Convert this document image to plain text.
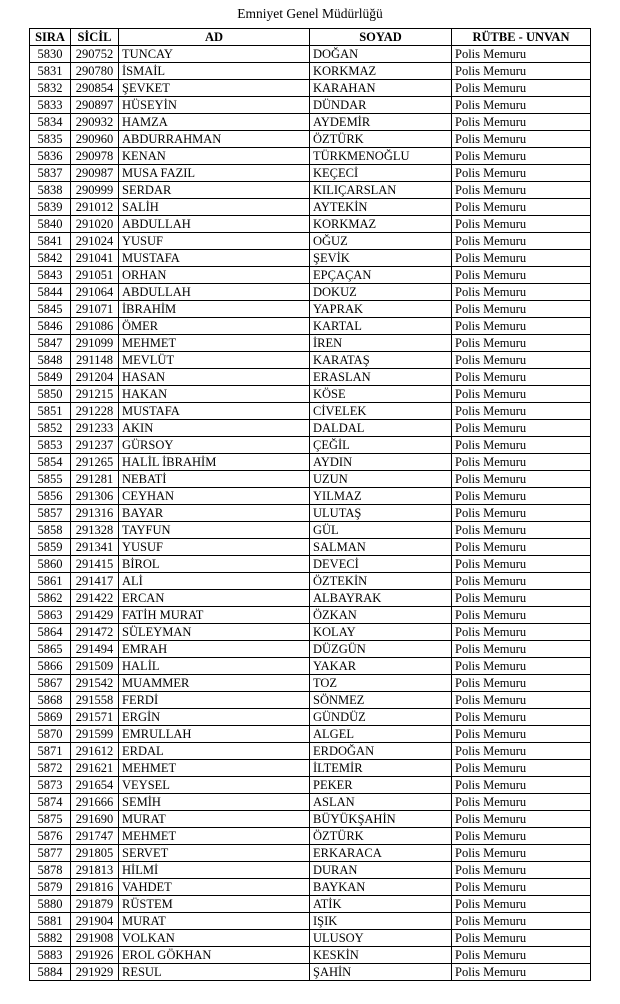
Emniyet Genel Müdürlüğü
SIRA	SİCİL	AD	SOYAD	RÜTBE - UNVAN
5830	290752	TUNCAY	DOĞAN	Polis Memuru
5831	290780	İSMAİL	KORKMAZ	Polis Memuru
5832	290854	ŞEVKET	KARAHAN	Polis Memuru
5833	290897	HÜSEYİN	DÜNDAR	Polis Memuru
5834	290932	HAMZA	AYDEMİR	Polis Memuru
5835	290960	ABDURRAHMAN	ÖZTÜRK	Polis Memuru
5836	290978	KENAN	TÜRKMENOĞLU	Polis Memuru
5837	290987	MUSA FAZIL	KEÇECİ	Polis Memuru
5838	290999	SERDAR	KILIÇARSLAN	Polis Memuru
5839	291012	SALİH	AYTEKİN	Polis Memuru
5840	291020	ABDULLAH	KORKMAZ	Polis Memuru
5841	291024	YUSUF	OĞUZ	Polis Memuru
5842	291041	MUSTAFA	ŞEVİK	Polis Memuru
5843	291051	ORHAN	EPÇAÇAN	Polis Memuru
5844	291064	ABDULLAH	DOKUZ	Polis Memuru
5845	291071	İBRAHİM	YAPRAK	Polis Memuru
5846	291086	ÖMER	KARTAL	Polis Memuru
5847	291099	MEHMET	İREN	Polis Memuru
5848	291148	MEVLÜT	KARATAŞ	Polis Memuru
5849	291204	HASAN	ERASLAN	Polis Memuru
5850	291215	HAKAN	KÖSE	Polis Memuru
5851	291228	MUSTAFA	CİVELEK	Polis Memuru
5852	291233	AKIN	DALDAL	Polis Memuru
5853	291237	GÜRSOY	ÇEĞİL	Polis Memuru
5854	291265	HALİL İBRAHİM	AYDIN	Polis Memuru
5855	291281	NEBATİ	UZUN	Polis Memuru
5856	291306	CEYHAN	YILMAZ	Polis Memuru
5857	291316	BAYAR	ULUTAŞ	Polis Memuru
5858	291328	TAYFUN	GÜL	Polis Memuru
5859	291341	YUSUF	SALMAN	Polis Memuru
5860	291415	BİROL	DEVECİ	Polis Memuru
5861	291417	ALİ	ÖZTEKİN	Polis Memuru
5862	291422	ERCAN	ALBAYRAK	Polis Memuru
5863	291429	FATİH MURAT	ÖZKAN	Polis Memuru
5864	291472	SÜLEYMAN	KOLAY	Polis Memuru
5865	291494	EMRAH	DÜZGÜN	Polis Memuru
5866	291509	HALİL	YAKAR	Polis Memuru
5867	291542	MUAMMER	TOZ	Polis Memuru
5868	291558	FERDİ	SÖNMEZ	Polis Memuru
5869	291571	ERGİN	GÜNDÜZ	Polis Memuru
5870	291599	EMRULLAH	ALGEL	Polis Memuru
5871	291612	ERDAL	ERDOĞAN	Polis Memuru
5872	291621	MEHMET	İLTEMİR	Polis Memuru
5873	291654	VEYSEL	PEKER	Polis Memuru
5874	291666	SEMİH	ASLAN	Polis Memuru
5875	291690	MURAT	BÜYÜKŞAHİN	Polis Memuru
5876	291747	MEHMET	ÖZTÜRK	Polis Memuru
5877	291805	SERVET	ERKARACA	Polis Memuru
5878	291813	HİLMİ	DURAN	Polis Memuru
5879	291816	VAHDET	BAYKAN	Polis Memuru
5880	291879	RÜSTEM	ATİK	Polis Memuru
5881	291904	MURAT	IŞIK	Polis Memuru
5882	291908	VOLKAN	ULUSOY	Polis Memuru
5883	291926	EROL GÖKHAN	KESKİN	Polis Memuru
5884	291929	RESUL	ŞAHİN	Polis Memuru
